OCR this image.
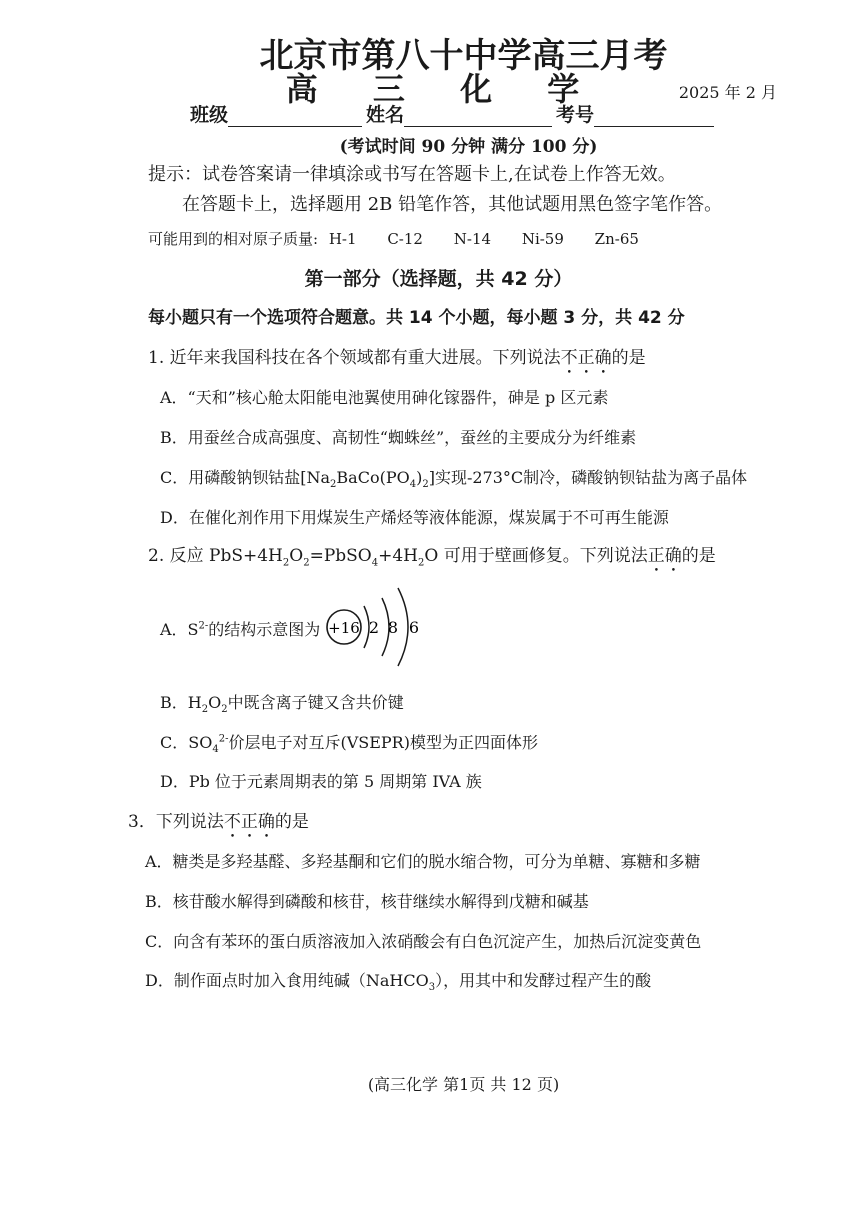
北京市第八十中学高三月考
高 三 化 学	2025 年 2 月
班级	姓名	考号
(考试时间 90 分钟 满分 100 分)
提示：试卷答案请一律填涂或书写在答题卡上,在试卷上作答无效。
在答题卡上，选择题用 2B 铅笔作答，其他试题用黑色签字笔作答。
可能用到的相对原子质量: H-1 C-12 N-14 Ni-59 Zn-65
第一部分（选择题，共 42 分）
每小题只有一个选项符合题意。共 14 个小题，每小题 3 分，共 42 分
1. 近年来我国科技在各个领域都有重大进展。下列说法不正确的是
A．“天和”核心舱太阳能电池翼使用砷化镓器件，砷是 p 区元素
B．用蚕丝合成高强度、高韧性“蜘蛛丝”，蚕丝的主要成分为纤维素
C．用磷酸钠钡钴盐$[Na_2BaCo(PO_4)_2]$实现-273°C制冷，磷酸钠钡钴盐为离子晶体
D．在催化剂作用下用煤炭生产烯烃等液体能源，煤炭属于不可再生能源
2. 反应 $PbS+4H_2O_2=PbSO_4+4H_2O$ 可用于壁画修复。下列说法正确的是
A．$S^{2-}$的结构示意图为 +16 2 8 6
B．$H_2O_2$中既含离子键又含共价键
C．$SO_4^{2-}$价层电子对互斥(VSEPR)模型为正四面体形
D．Pb 位于元素周期表的第 5 周期第 IVA 族
3．下列说法不正确的是
A．糖类是多羟基醛、多羟基酮和它们的脱水缩合物，可分为单糖、寡糖和多糖
B．核苷酸水解得到磷酸和核苷，核苷继续水解得到戊糖和碱基
C．向含有苯环的蛋白质溶液加入浓硝酸会有白色沉淀产生，加热后沉淀变黄色
D．制作面点时加入食用纯碱（NaHCO$_3$），用其中和发酵过程产生的酸
(高三化学 第1页 共 12 页)
